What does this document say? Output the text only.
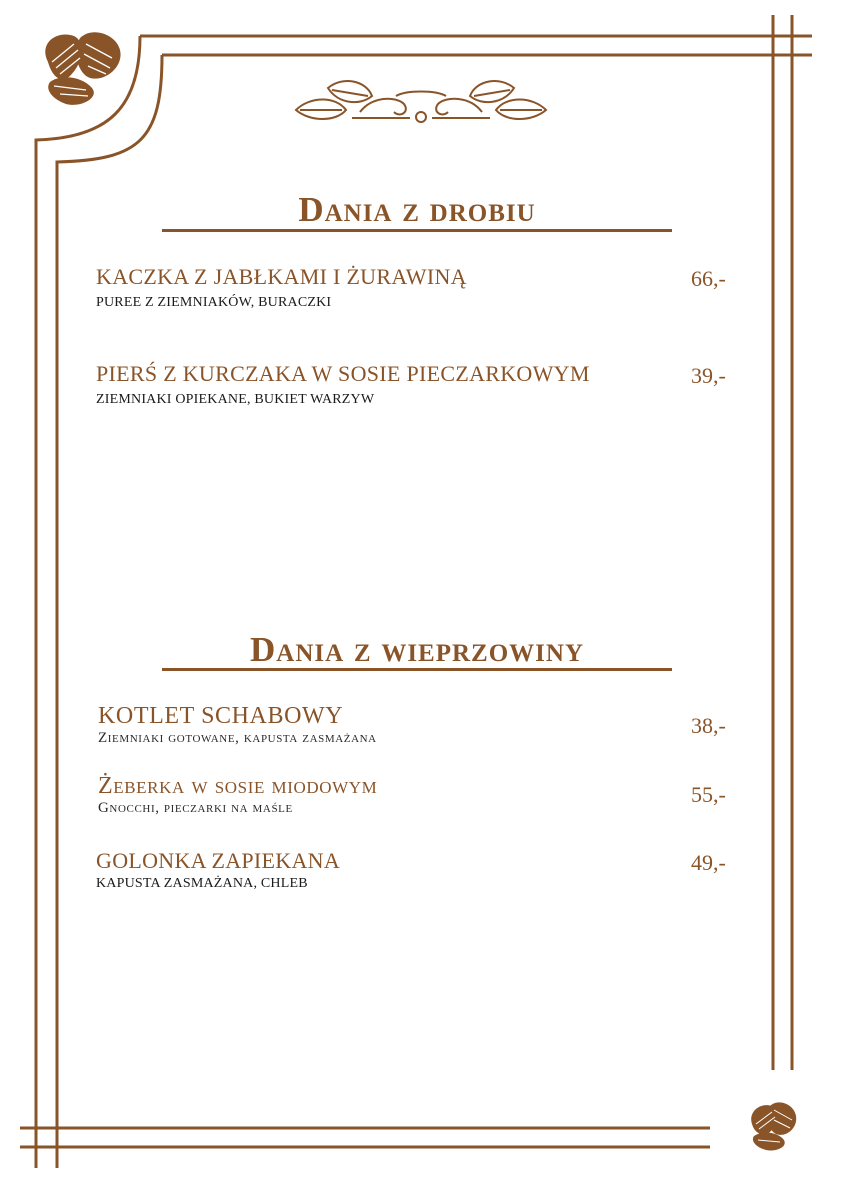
Dania z drobiu
KACZKA Z JABŁKAMI I ŻURAWINĄ
PUREE Z ZIEMNIAKÓW, BURACZKI
66,-
PIERŚ Z KURCZAKA W SOSIE PIECZARKOWYM
ZIEMNIAKI OPIEKANE, BUKIET WARZYW
39,-
Dania z wieprzowiny
KOTLET SCHABOWY
Ziemniaki gotowane, kapusta zasmażana	38,-
Żeberka w sosie miodowym
Gnocchi, pieczarki na maśle
55,-
GOLONKA ZAPIEKANA
KAPUSTA ZASMAŻANA, CHLEB
49,-
